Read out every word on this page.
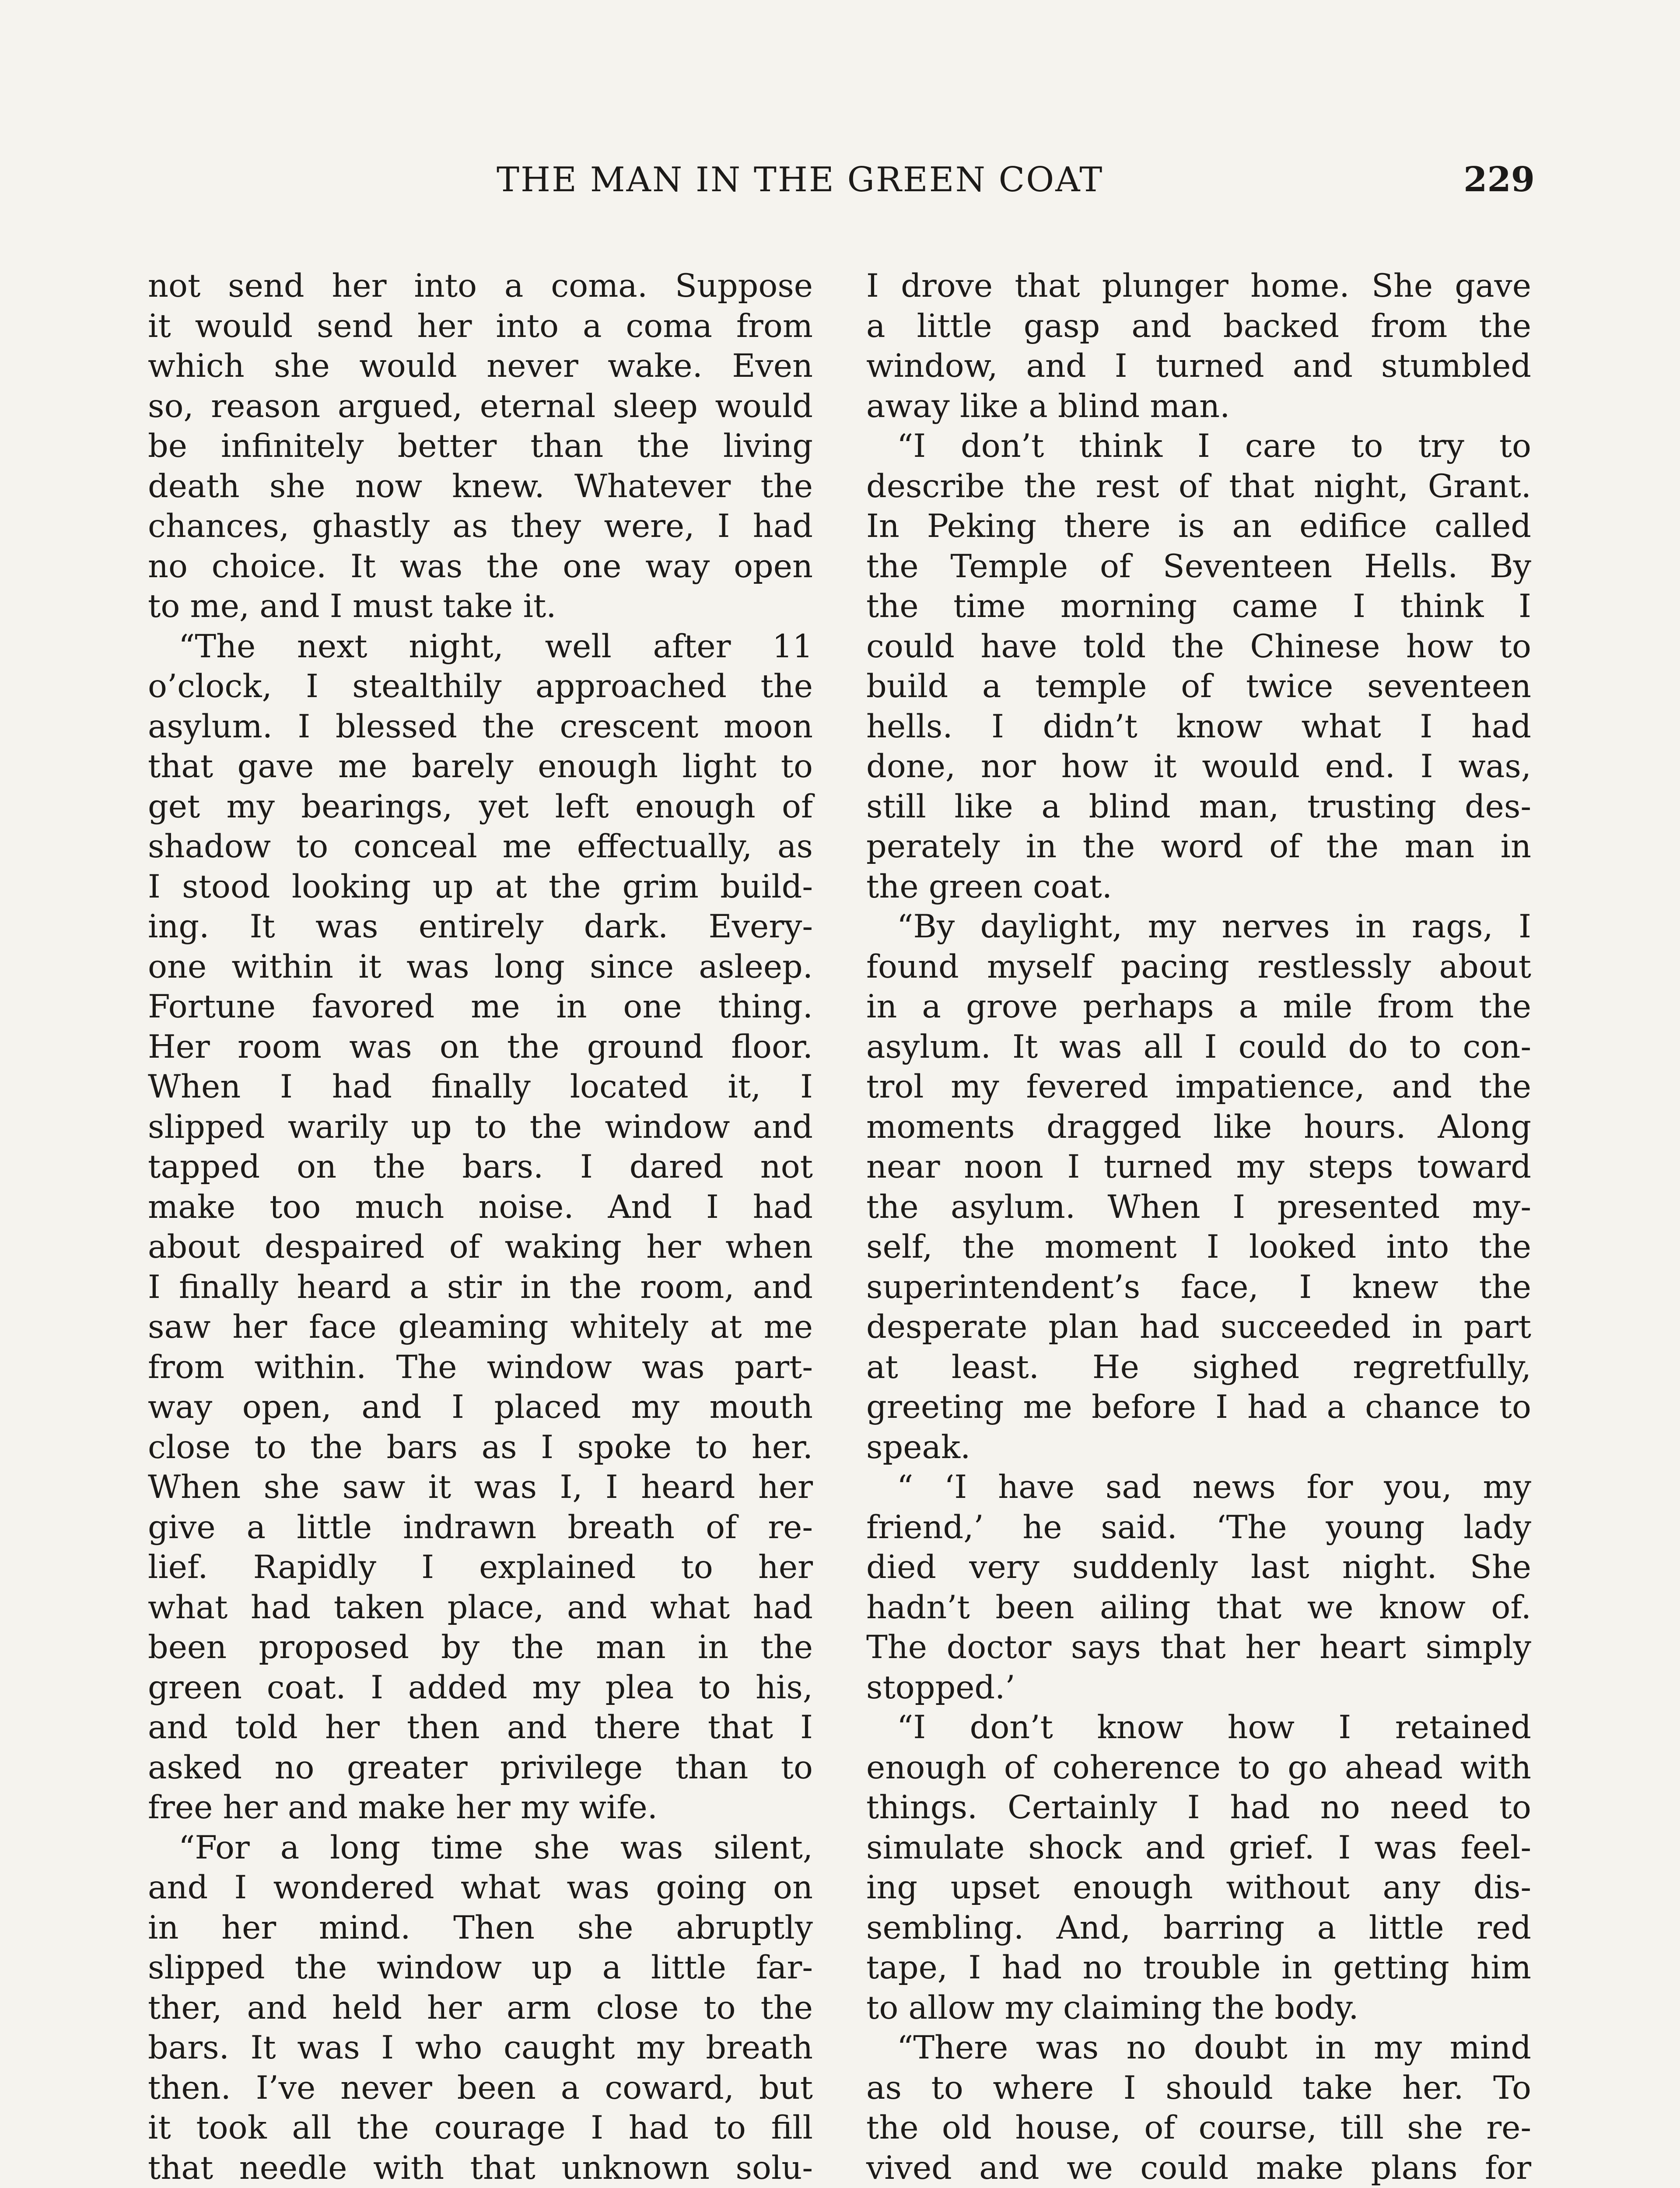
THE MAN IN THE GREEN COAT	229
not send her into a coma. Suppose
it would send her into a coma from
which she would never wake. Even
so, reason argued, eternal sleep would
be infinitely better than the living
death she now knew. Whatever the
chances, ghastly as they were, I had
no choice. It was the one way open
to me, and I must take it.
“The next night, well after 11
o’clock, I stealthily approached the
asylum. I blessed the crescent moon
that gave me barely enough light to
get my bearings, yet left enough of
shadow to conceal me effectually, as
I stood looking up at the grim build-
ing. It was entirely dark. Every-
one within it was long since asleep.
Fortune favored me in one thing.
Her room was on the ground floor.
When I had finally located it, I
slipped warily up to the window and
tapped on the bars. I dared not
make too much noise. And I had
about despaired of waking her when
I finally heard a stir in the room, and
saw her face gleaming whitely at me
from within. The window was part-
way open, and I placed my mouth
close to the bars as I spoke to her.
When she saw it was I, I heard her
give a little indrawn breath of re-
lief. Rapidly I explained to her
what had taken place, and what had
been proposed by the man in the
green coat. I added my plea to his,
and told her then and there that I
asked no greater privilege than to
free her and make her my wife.
“For a long time she was silent,
and I wondered what was going on
in her mind. Then she abruptly
slipped the window up a little far-
ther, and held her arm close to the
bars. It was I who caught my breath
then. I’ve never been a coward, but
it took all the courage I had to fill
that needle with that unknown solu-
I drove that plunger home. She gave
a little gasp and backed from the
window, and I turned and stumbled
away like a blind man.
“I don’t think I care to try to
describe the rest of that night, Grant.
In Peking there is an edifice called
the Temple of Seventeen Hells. By
the time morning came I think I
could have told the Chinese how to
build a temple of twice seventeen
hells. I didn’t know what I had
done, nor how it would end. I was,
still like a blind man, trusting des-
perately in the word of the man in
the green coat.
“By daylight, my nerves in rags, I
found myself pacing restlessly about
in a grove perhaps a mile from the
asylum. It was all I could do to con-
trol my fevered impatience, and the
moments dragged like hours. Along
near noon I turned my steps toward
the asylum. When I presented my-
self, the moment I looked into the
superintendent’s face, I knew the
desperate plan had succeeded in part
at least. He sighed regretfully,
greeting me before I had a chance to
speak.
“ ‘I have sad news for you, my
friend,’ he said. ‘The young lady
died very suddenly last night. She
hadn’t been ailing that we know of.
The doctor says that her heart simply
stopped.’
“I don’t know how I retained
enough of coherence to go ahead with
things. Certainly I had no need to
simulate shock and grief. I was feel-
ing upset enough without any dis-
sembling. And, barring a little red
tape, I had no trouble in getting him
to allow my claiming the body.
“There was no doubt in my mind
as to where I should take her. To
the old house, of course, till she re-
vived and we could make plans for
